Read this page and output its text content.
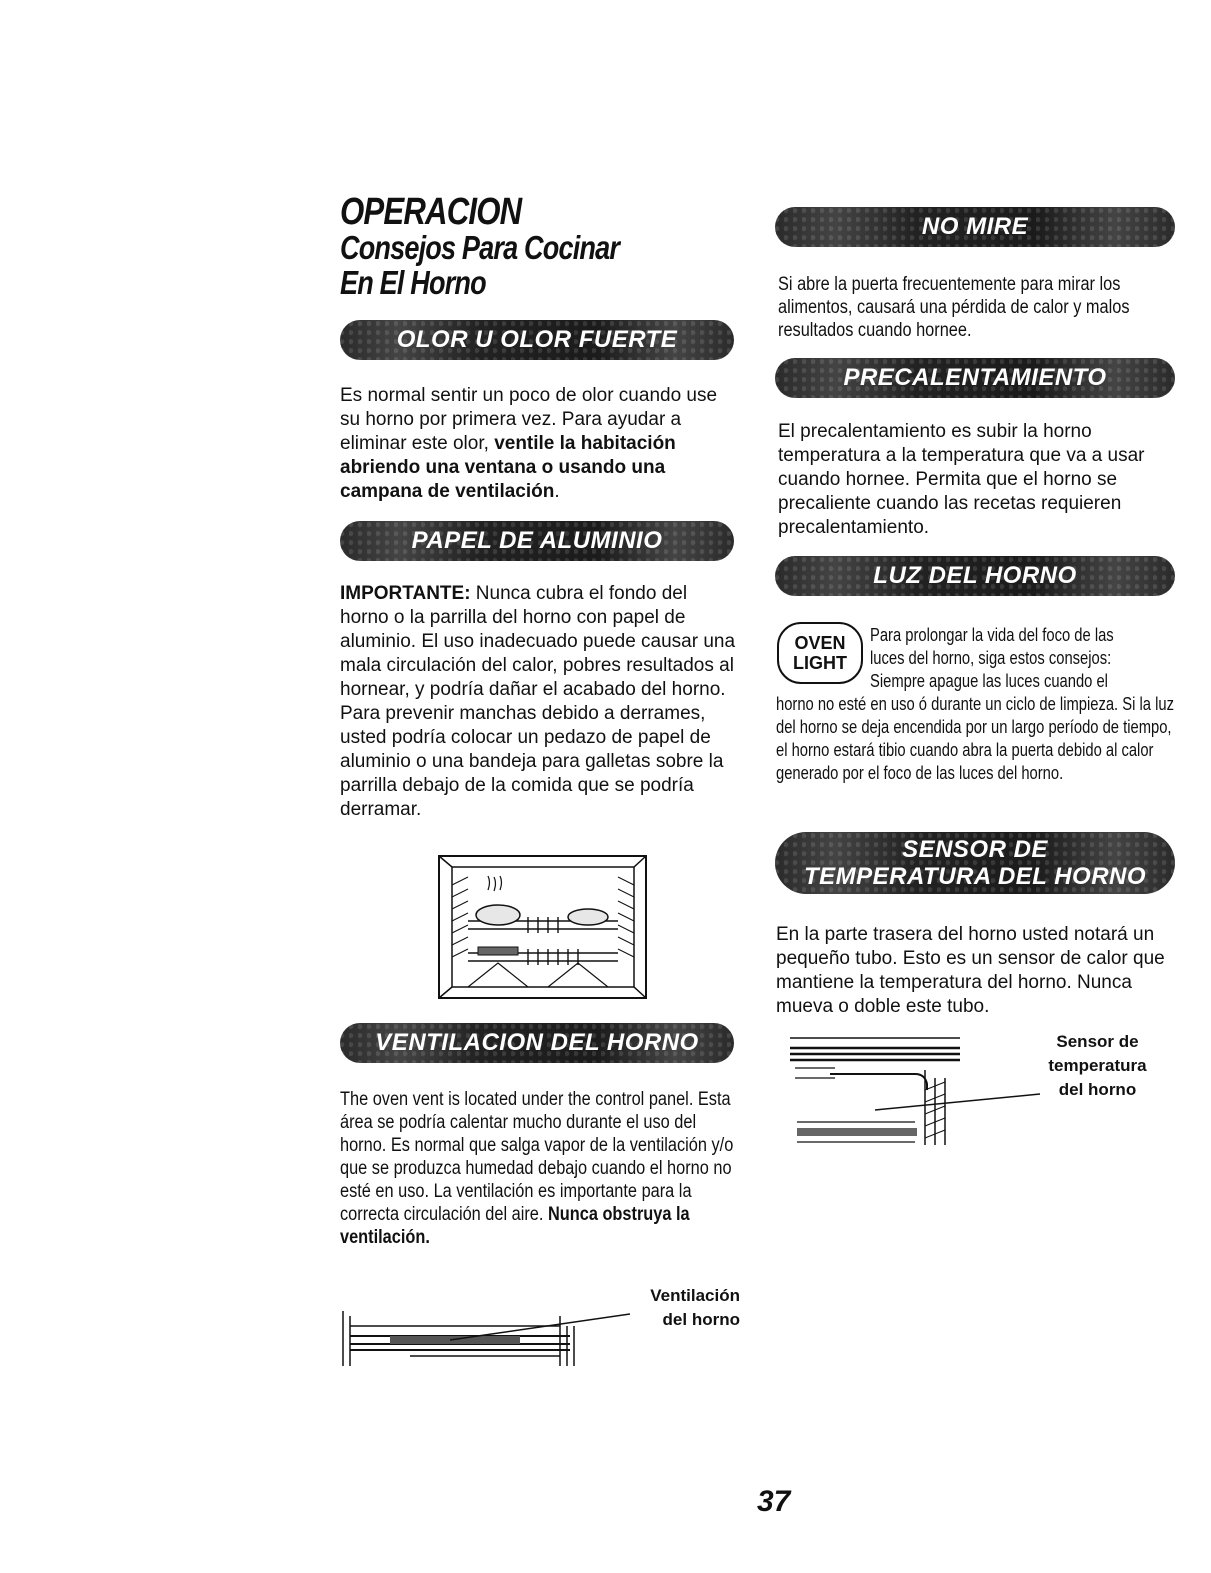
OPERACION
Consejos Para Cocinar
En El Horno
OLOR U OLOR FUERTE
Es normal sentir un poco de olor cuando use su horno por primera vez. Para ayudar a eliminar este olor, ventile la habitación abriendo una ventana o usando una campana de ventilación.
PAPEL DE ALUMINIO
IMPORTANTE: Nunca cubra el fondo del horno o la parrilla del horno con papel de aluminio. El uso inadecuado puede causar una mala circulación del calor, pobres resultados al hornear, y podría dañar el acabado del horno. Para prevenir manchas debido a derrames, usted podría colocar un pedazo de papel de aluminio o una bandeja para galletas sobre la parrilla debajo de la comida que se podría derramar.
VENTILACION DEL HORNO
The oven vent is located under the control panel. Esta área se podría calentar mucho durante el uso del horno. Es normal que salga vapor de la ventilación y/o que se produzca humedad debajo cuando el horno no esté en uso. La ventilación es importante para la correcta circulación del aire. Nunca obstruya la ventilación.
Ventilación
del horno
NO MIRE
Si abre la puerta frecuentemente para mirar los alimentos, causará una pérdida de calor y malos resultados cuando hornee.
PRECALENTAMIENTO
El precalentamiento es subir la horno temperatura a la temperatura que va a usar cuando hornee. Permita que el horno se precaliente cuando las recetas requieren precalentamiento.
LUZ DEL HORNO
OVEN
LIGHT
Para prolongar la vida del foco de las
luces del horno, siga estos consejos:
Siempre apague las luces cuando el
horno no esté en uso ó durante un ciclo de limpieza. Si la luz del horno se deja encendida por un largo período de tiempo, el horno estará tibio cuando abra la puerta debido al calor generado por el foco de las luces del horno.
SENSOR DE
TEMPERATURA DEL HORNO
En la parte trasera del horno usted notará un pequeño tubo. Esto es un sensor de calor que mantiene la temperatura del horno. Nunca mueva o doble este tubo.
Sensor de
temperatura
del horno
37
